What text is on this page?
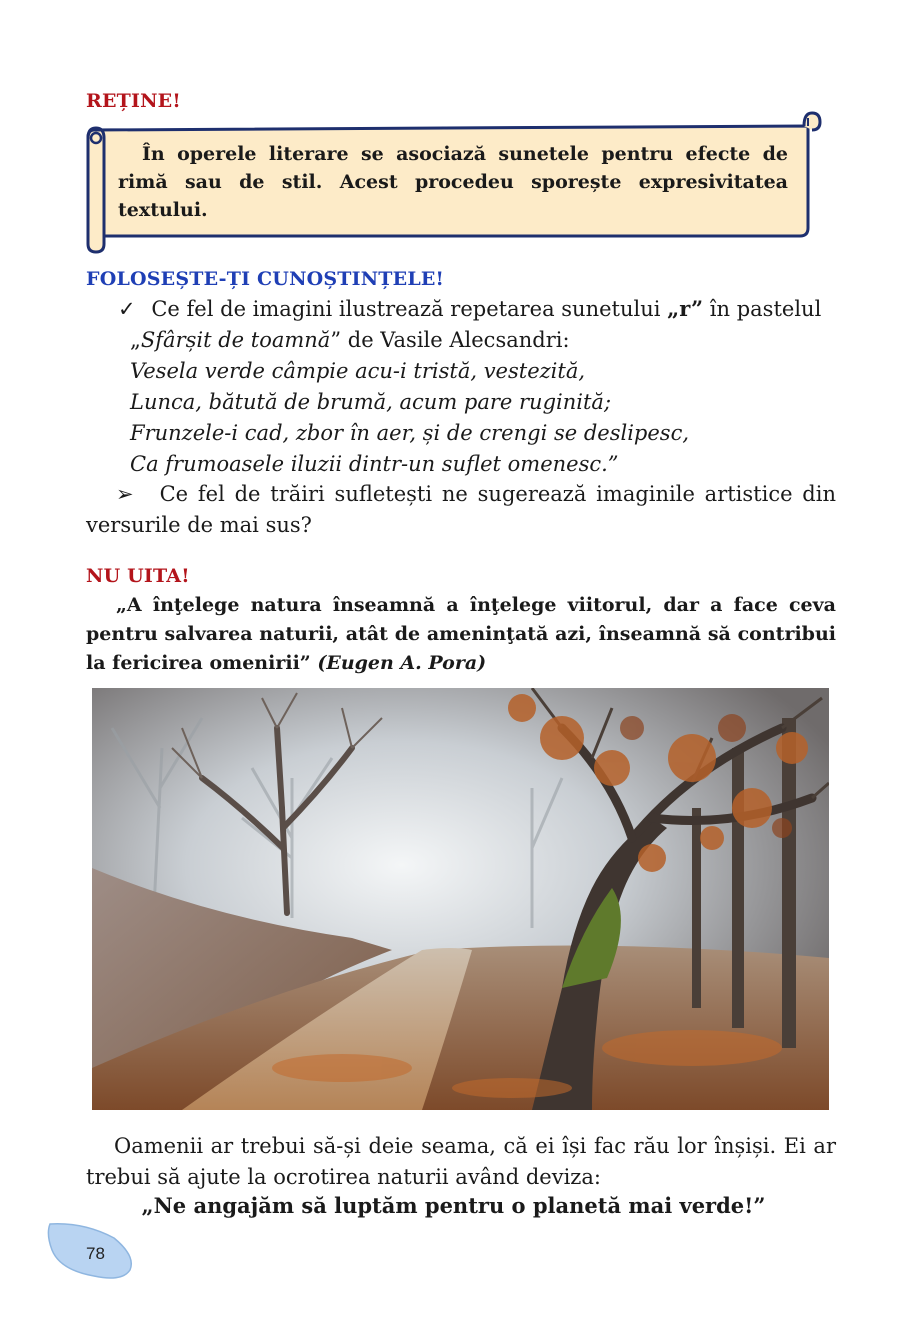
REȚINE!
În operele literare se asociază sunetele pentru efecte de rimă sau de stil. Acest procedeu sporește expresivitatea textului.
FOLOSEȘTE-ȚI CUNOȘTINȚELE!
✓ Ce fel de imagini ilustrează repetarea sunetului „r” în pastelul
„Sfârșit de toamnă” de Vasile Alecsandri:
Vesela verde câmpie acu-i tristă, vestezită,
Lunca, bătută de brumă, acum pare ruginită;
Frunzele-i cad, zbor în aer, și de crengi se deslipesc,
Ca frumoasele iluzii dintr-un suflet omenesc.”
➢ Ce fel de trăiri sufletești ne sugerează imaginile artistice din versurile de mai sus?
NU UITA!
„A înţelege natura înseamnă a înţelege viitorul, dar a face ceva pentru salvarea naturii, atât de ameninţată azi, înseamnă să contribui la fericirea omenirii” (Eugen A. Pora)
Oamenii ar trebui să-și deie seama, că ei își fac rău lor înșiși. Ei ar trebui să ajute la ocrotirea naturii având deviza:
„Ne angajăm să luptăm pentru o planetă mai verde!”
78
